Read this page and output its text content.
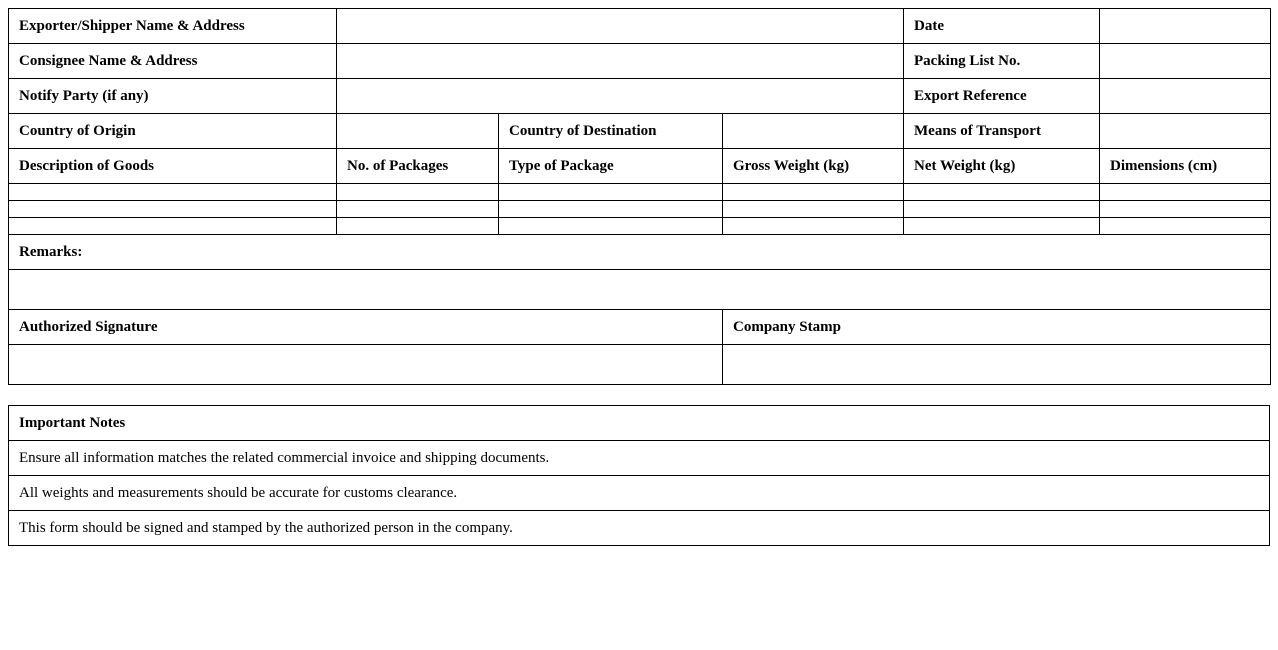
Exporter/Shipper Name & Address				Date	
Consignee Name & Address				Packing List No.	
Notify Party (if any)				Export Reference	
Country of Origin		Country of Destination		Means of Transport	
Description of Goods	No. of Packages	Type of Package	Gross Weight (kg)	Net Weight (kg)	Dimensions (cm)

Remarks:					

Authorized Signature			Company Stamp		

Important Notes
Ensure all information matches the related commercial invoice and shipping documents.
All weights and measurements should be accurate for customs clearance.
This form should be signed and stamped by the authorized person in the company.
